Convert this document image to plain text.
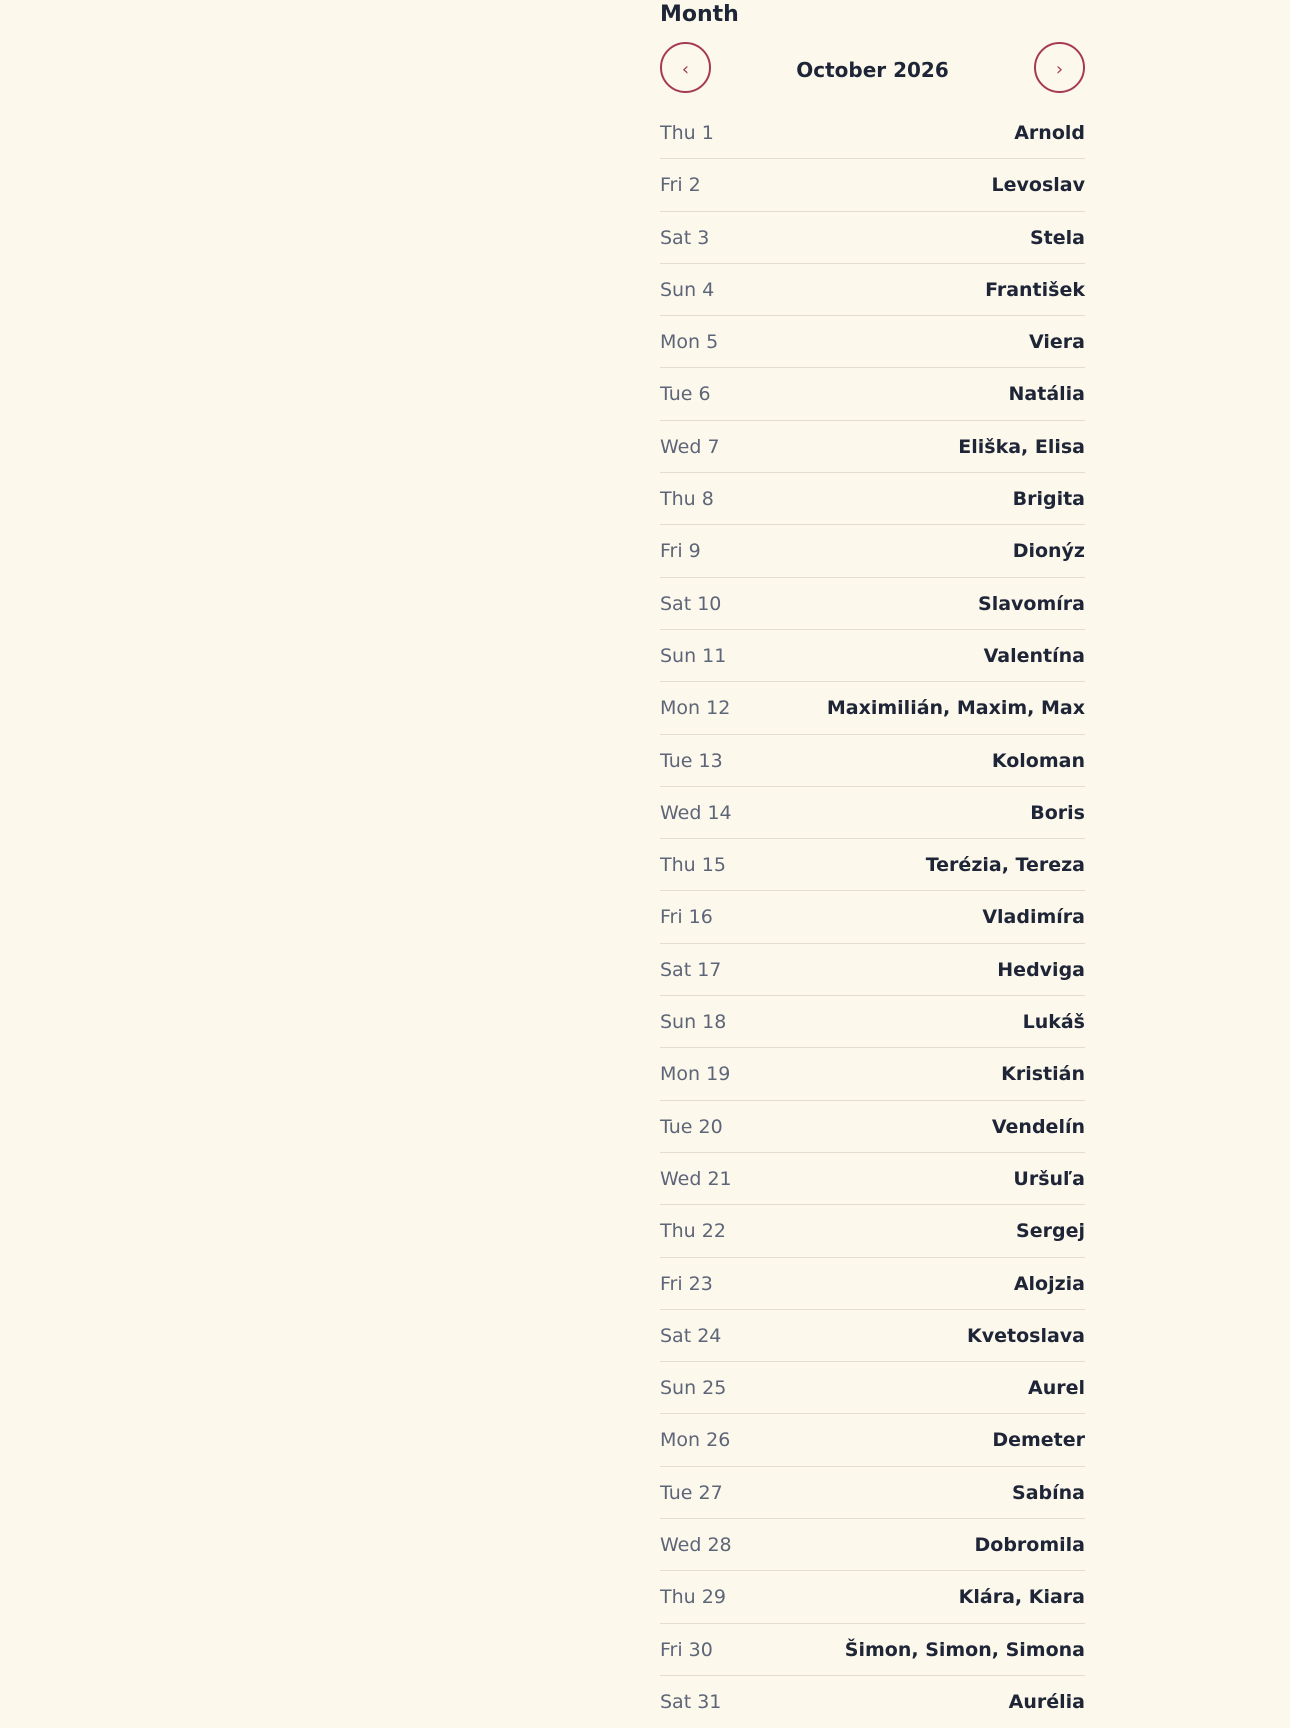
Month
‹	October 2026	›
Thu 1	Arnold
Fri 2	Levoslav
Sat 3	Stela
Sun 4	František
Mon 5	Viera
Tue 6	Natália
Wed 7	Eliška, Elisa
Thu 8	Brigita
Fri 9	Dionýz
Sat 10	Slavomíra
Sun 11	Valentína
Mon 12	Maximilián, Maxim, Max
Tue 13	Koloman
Wed 14	Boris
Thu 15	Terézia, Tereza
Fri 16	Vladimíra
Sat 17	Hedviga
Sun 18	Lukáš
Mon 19	Kristián
Tue 20	Vendelín
Wed 21	Uršuľa
Thu 22	Sergej
Fri 23	Alojzia
Sat 24	Kvetoslava
Sun 25	Aurel
Mon 26	Demeter
Tue 27	Sabína
Wed 28	Dobromila
Thu 29	Klára, Kiara
Fri 30	Šimon, Simon, Simona
Sat 31	Aurélia
